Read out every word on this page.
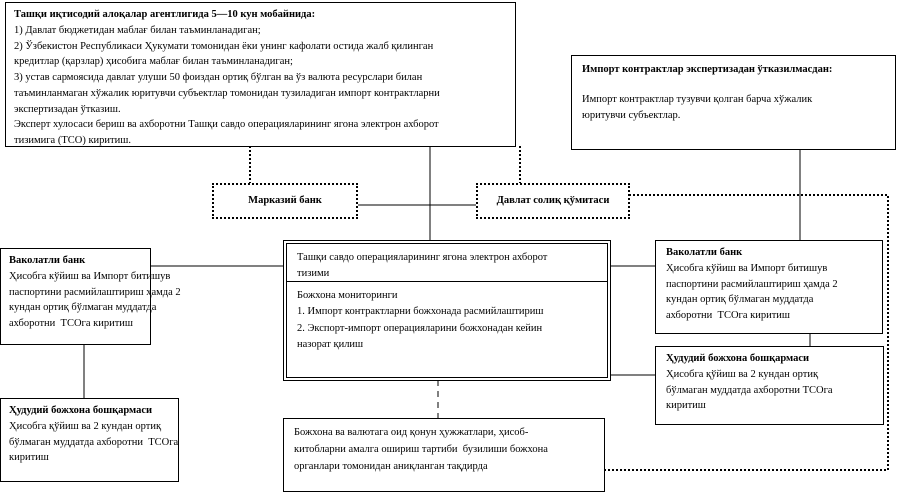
Ташқи иқтисодий алоқалар агентлигида 5—10 кун мобайнида:
1) Давлат бюджетидан маблағ билан таъминланадиган;
2) Ўзбекистон Республикаси Ҳукумати томонидан ёки унинг кафолати остида жалб қилинган
кредитлар (қарзлар) ҳисобига маблағ билан таъминланадиган;
3) устав сармоясида давлат улуши 50 фоиздан ортиқ бўлган ва ўз валюта ресурслари билан
таъминланмаган хўжалик юритувчи субъектлар томонидан тузиладиган импорт контрактларни
экспертизадан ўтказиш.
Эксперт хулосаси бериш ва ахборотни Ташқи савдо операцияларининг ягона электрон ахборот
тизимига (ТСО) киритиш.
Импорт контрактлар экспертизадан ўтказилмасдан:
Импорт контрактлар тузувчи қолган барча хўжалик
юритувчи субъектлар.
Марказий банк	Давлат солиқ қўмитаси
Ташқи савдо операцияларининг ягона электрон ахборот
тизими
Божхона мониторинги
1. Импорт контрактларни божхонада расмийлаштириш
2. Экспорт-импорт операцияларини божхонадан кейин
назорат қилиш
Ваколатли банк
Ҳисобга кўйиш ва Импорт битишув
паспортини расмийлаштириш ҳамда 2
кундан ортиқ бўлмаган муддатда
ахборотни  ТСОга киритиш
Ҳудудий божхона бошқармаси
Ҳисобга қўйиш ва 2 кундан ортиқ
бўлмаган муддатда ахборотни  ТСОга
киритиш
Ваколатли банк
Ҳисобга кўйиш ва Импорт битишув
паспортини расмийлаштириш ҳамда 2
кундан ортиқ бўлмаган муддатда
ахборотни  ТСОга киритиш
Ҳудудий божхона бошқармаси
Ҳисобга қўйиш ва 2 кундан ортиқ
бўлмаган муддатда ахборотни ТСОга
киритиш
Божхона ва валютага оид қонун ҳужжатлари, ҳисоб-
китобларни амалга ошириш тартиби  бузилиши божхона
органлари томонидан аниқланган тақдирда
